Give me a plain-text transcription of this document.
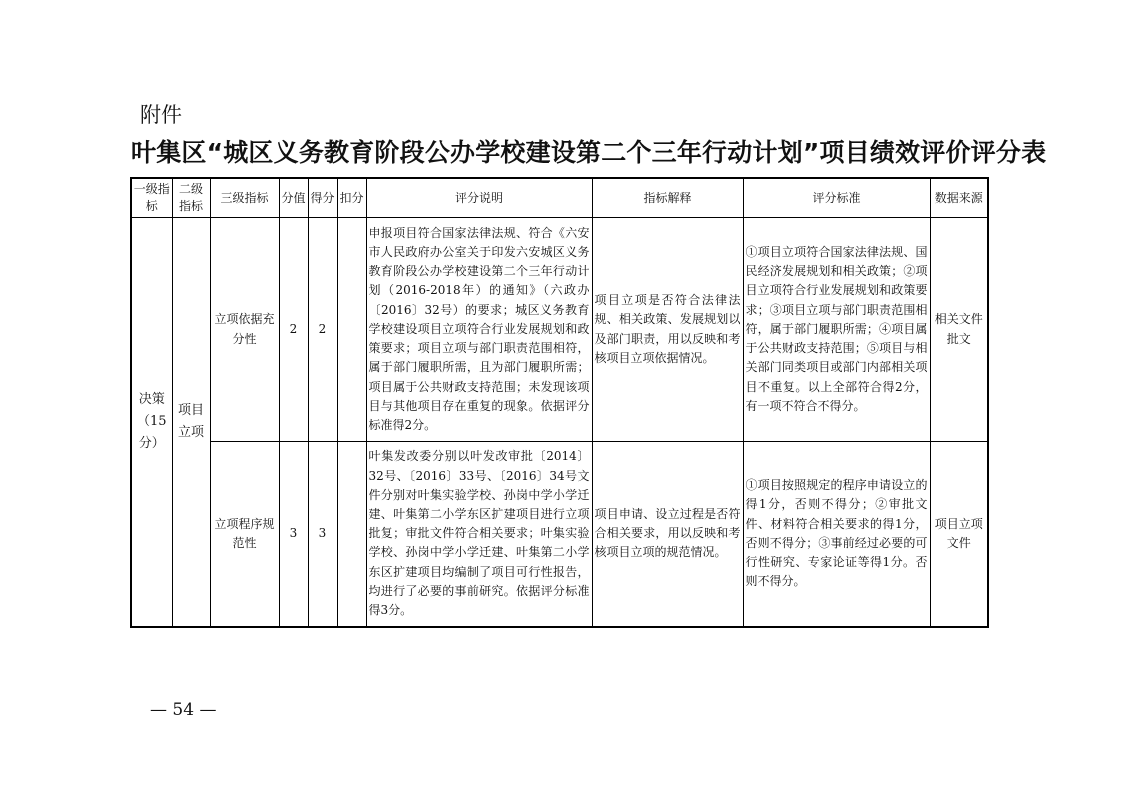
附件
叶集区“城区义务教育阶段公办学校建设第二个三年行动计划”项目绩效评价评分表
一级指标	二级指标	三级指标	分值	得分	扣分	评分说明	指标解释	评分标准	数据来源
决策（15分）	项目立项	立项依据充分性	2	2		申报项目符合国家法律法规、符合《六安市人民政府办公室关于印发六安城区义务教育阶段公办学校建设第二个三年行动计划（2016-2018年）的通知》（六政办〔2016〕32号）的要求；城区义务教育学校建设项目立项符合行业发展规划和政策要求；项目立项与部门职责范围相符，属于部门履职所需，且为部门履职所需；项目属于公共财政支持范围；未发现该项目与其他项目存在重复的现象。依据评分标准得2分。	项目立项是否符合法律法规、相关政策、发展规划以及部门职责，用以反映和考核项目立项依据情况。	①项目立项符合国家法律法规、国民经济发展规划和相关政策；②项目立项符合行业发展规划和政策要求；③项目立项与部门职责范围相符，属于部门履职所需；④项目属于公共财政支持范围；⑤项目与相关部门同类项目或部门内部相关项目不重复。以上全部符合得2分，有一项不符合不得分。	相关文件批文
		立项程序规范性	3	3		叶集发改委分别以叶发改审批〔2014〕32号、〔2016〕33号、〔2016〕34号文件分别对叶集实验学校、孙岗中学小学迁建、叶集第二小学东区扩建项目进行立项批复；审批文件符合相关要求；叶集实验学校、孙岗中学小学迁建、叶集第二小学东区扩建项目均编制了项目可行性报告，均进行了必要的事前研究。依据评分标准得3分。	项目申请、设立过程是否符合相关要求，用以反映和考核项目立项的规范情况。	①项目按照规定的程序申请设立的得1分，否则不得分；②审批文件、材料符合相关要求的得1分，否则不得分；③事前经过必要的可行性研究、专家论证等得1分。否则不得分。	项目立项文件
— 54 —
